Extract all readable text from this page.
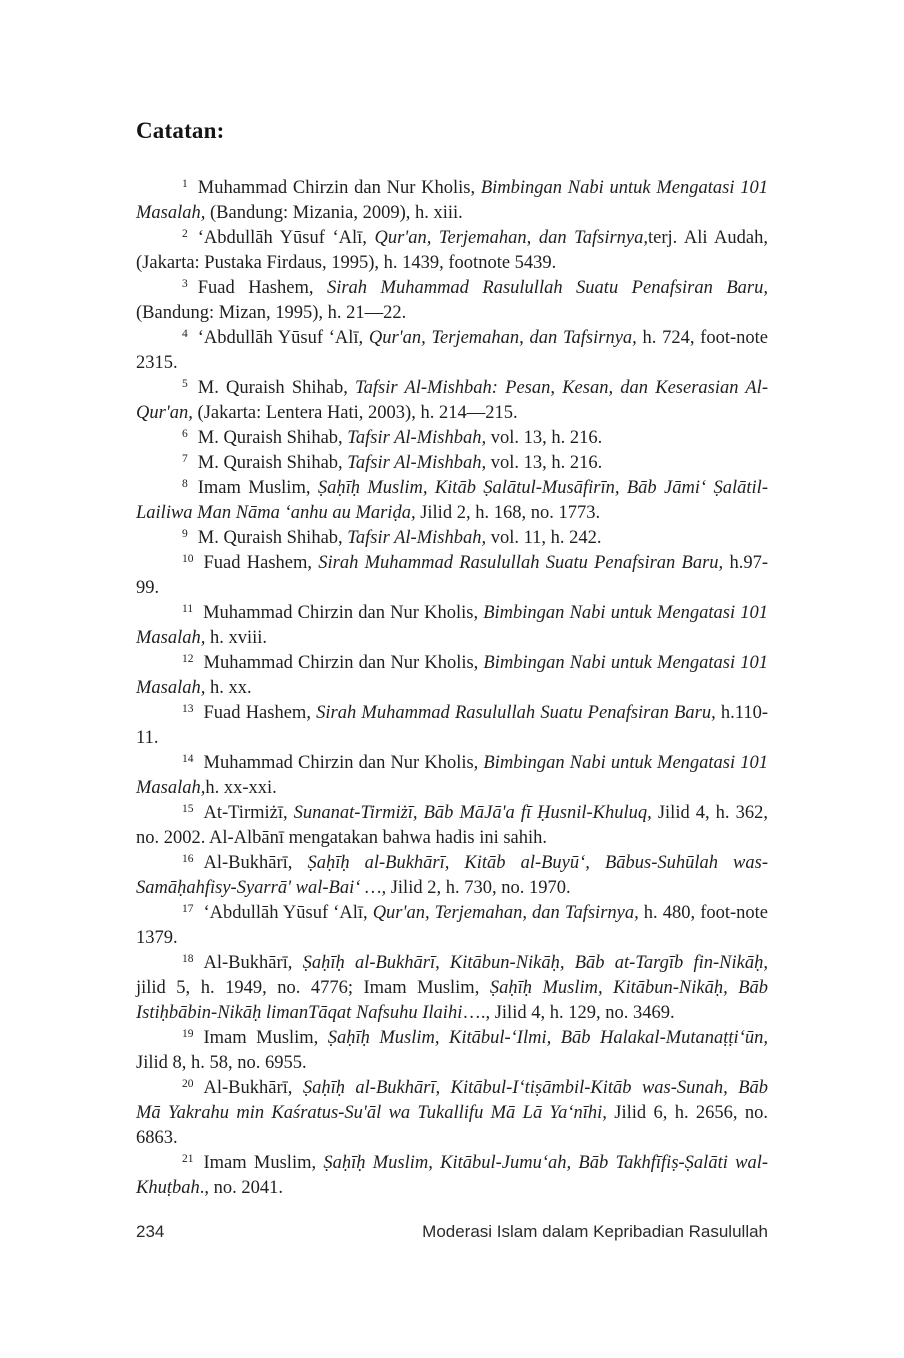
Catatan:

$^1$ Muhammad Chirzin dan Nur Kholis, Bimbingan Nabi untuk Mengatasi 101 Masalah, (Bandung: Mizania, 2009), h. xiii.

$^2$ ‘Abdullāh Yūsuf ‘Alī, Qur'an, Terjemahan, dan Tafsirnya,terj. Ali Audah, (Jakarta: Pustaka Firdaus, 1995), h. 1439, footnote 5439.

$^3$ Fuad Hashem, Sirah Muhammad Rasulullah Suatu Penafsiran Baru, (Bandung: Mizan, 1995), h. 21—22.

$^4$ ‘Abdullāh Yūsuf ‘Alī, Qur'an, Terjemahan, dan Tafsirnya, h. 724, foot-note 2315.

$^5$ M. Quraish Shihab, Tafsir Al-Mishbah: Pesan, Kesan, dan Keserasian Al-Qur'an, (Jakarta: Lentera Hati, 2003), h. 214—215.

$^6$ M. Quraish Shihab, Tafsir Al-Mishbah, vol. 13, h. 216.

$^7$ M. Quraish Shihab, Tafsir Al-Mishbah, vol. 13, h. 216.

$^8$ Imam Muslim, Ṣaḥīḥ Muslim, Kitāb Ṣalātul-Musāfirīn, Bāb Jāmi‘ Ṣalātil-Lailiwa Man Nāma ‘anhu au Mariḍa, Jilid 2, h. 168, no. 1773.

$^9$ M. Quraish Shihab, Tafsir Al-Mishbah, vol. 11, h. 242.

$^{10}$ Fuad Hashem, Sirah Muhammad Rasulullah Suatu Penafsiran Baru, h.97-99.

$^{11}$ Muhammad Chirzin dan Nur Kholis, Bimbingan Nabi untuk Mengatasi 101 Masalah, h. xviii.

$^{12}$ Muhammad Chirzin dan Nur Kholis, Bimbingan Nabi untuk Mengatasi 101 Masalah, h. xx.

$^{13}$ Fuad Hashem, Sirah Muhammad Rasulullah Suatu Penafsiran Baru, h.110-11.

$^{14}$ Muhammad Chirzin dan Nur Kholis, Bimbingan Nabi untuk Mengatasi 101 Masalah,h. xx-xxi.

$^{15}$ At-Tirmiżī, Sunanat-Tirmiżī, Bāb MāJā'a fī Ḥusnil-Khuluq, Jilid 4, h. 362, no. 2002. Al-Albānī mengatakan bahwa hadis ini sahih.

$^{16}$ Al-Bukhārī, Ṣaḥīḥ al-Bukhārī, Kitāb al-Buyū‘, Bābus-Suhūlah was-Samāḥahfisy-Syarrā' wal-Bai‘ …, Jilid 2, h. 730, no. 1970.

$^{17}$ ‘Abdullāh Yūsuf ‘Alī, Qur'an, Terjemahan, dan Tafsirnya, h. 480, foot-note 1379.

$^{18}$ Al-Bukhārī, Ṣaḥīḥ al-Bukhārī, Kitābun-Nikāḥ, Bāb at-Targīb fin-Nikāḥ, jilid 5, h. 1949, no. 4776; Imam Muslim, Ṣaḥīḥ Muslim, Kitābun-Nikāḥ, Bāb Istiḥbābin-Nikāḥ limanTāqat Nafsuhu Ilaihi…., Jilid 4, h. 129, no. 3469.

$^{19}$ Imam Muslim, Ṣaḥīḥ Muslim, Kitābul-‘Ilmi, Bāb Halakal-Mutanaṭṭi‘ūn, Jilid 8, h. 58, no. 6955.

$^{20}$ Al-Bukhārī, Ṣaḥīḥ al-Bukhārī, Kitābul-I‘tiṣāmbil-Kitāb was-Sunah, Bāb Mā Yakrahu min Kaśratus-Su'āl wa Tukallifu Mā Lā Ya‘nīhi, Jilid 6, h. 2656, no. 6863.

$^{21}$ Imam Muslim, Ṣaḥīḥ Muslim, Kitābul-Jumu‘ah, Bāb Takhfīfiṣ-Ṣalāti wal-Khuṭbah., no. 2041.

234	Moderasi Islam dalam Kepribadian Rasulullah
